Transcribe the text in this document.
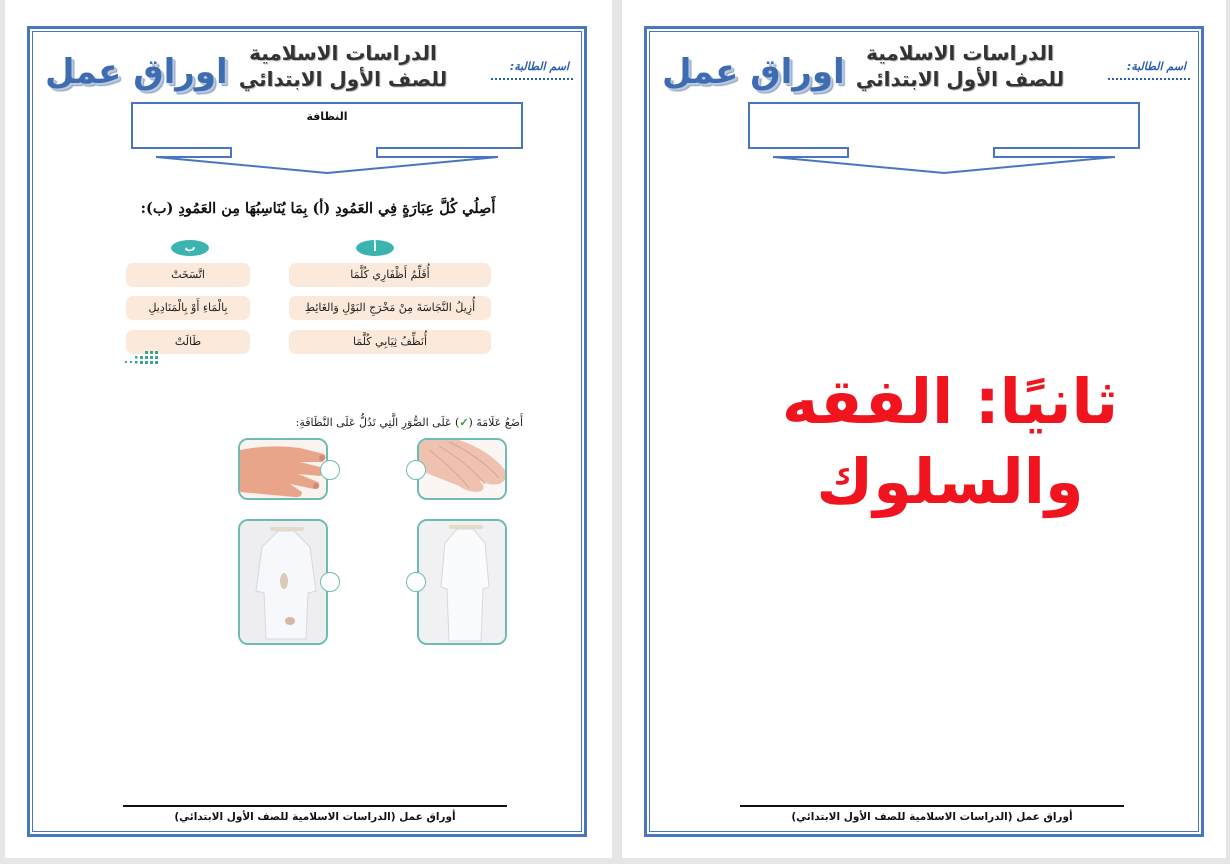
اوراق عمل	الدراسات الاسلامية
للصف الأول الابتدائي
اسم الطالبة:
النظافة
أَصِلُي كُلَّ عِبَارَةٍ فِي العَمُودِ (أ) بِمَا يُنَاسِبُهَا مِن العَمُودِ (ب):
أ
ب
أُقَلِّمُ أَظْفَارِي كُلَّمَا
أُزِيلُ النَّجَاسَةَ مِنْ مَخْرَجِ البَوْلِ وَالغَائِطِ
أُنَظِّفُ ثِيَابِي كُلَّمَا
اتَّسَخَتْ
بِالْمَاءِ أَوْ بِالْمَنَادِيلِ
طَالَتْ
أَضَعُ عَلَامَةَ (✓) عَلَى الصُّوَرِ الَّتِي تَدُلُّ عَلَى النَّظَافَةِ:
أوراق عمل (الدراسات الاسلامية للصف الأول الابتدائي)
اوراق عمل	الدراسات الاسلامية
للصف الأول الابتدائي
اسم الطالبة:
ثانيًا: الفقه
والسلوك
أوراق عمل (الدراسات الاسلامية للصف الأول الابتدائي)
